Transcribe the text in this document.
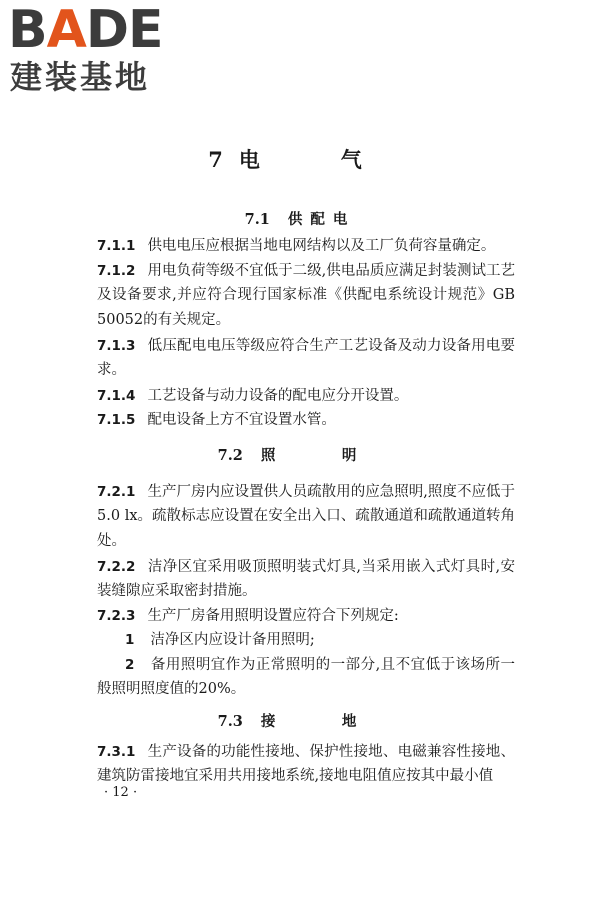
B A DE
建装基地
7 电　气
7.1 供配电
7.1.1 供电电压应根据当地电网结构以及工厂负荷容量确定。
7.1.2 用电负荷等级不宜低于二级,供电品质应满足封装测试工艺及设备要求,并应符合现行国家标准《供配电系统设计规范》GB 50052的有关规定。
7.1.3 低压配电电压等级应符合生产工艺设备及动力设备用电要求。
7.1.4 工艺设备与动力设备的配电应分开设置。
7.1.5 配电设备上方不宜设置水管。
7.2 照　明
7.2.1 生产厂房内应设置供人员疏散用的应急照明,照度不应低于5.0 lx。疏散标志应设置在安全出入口、疏散通道和疏散通道转角处。
7.2.2 洁净区宜采用吸顶照明装式灯具,当采用嵌入式灯具时,安装缝隙应采取密封措施。
7.2.3 生产厂房备用照明设置应符合下列规定:
1 洁净区内应设计备用照明;
2 备用照明宜作为正常照明的一部分,且不宜低于该场所一般照明照度值的20%。
7.3 接　地
7.3.1 生产设备的功能性接地、保护性接地、电磁兼容性接地、建筑防雷接地宜采用共用接地系统,接地电阻值应按其中最小值
· 12 ·
